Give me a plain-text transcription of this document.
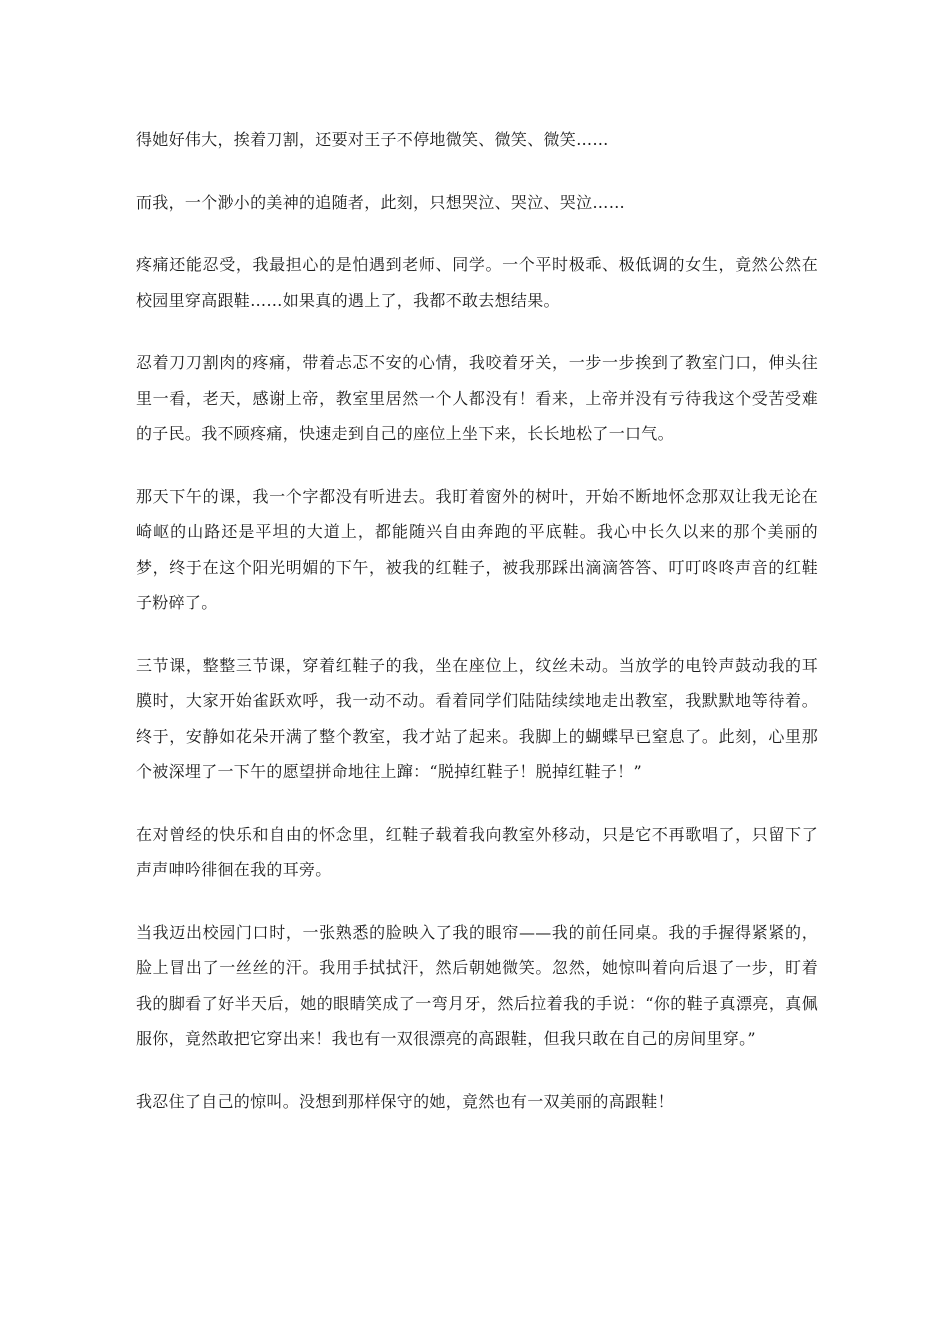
得她好伟大，挨着刀割，还要对王子不停地微笑、微笑、微笑……

而我，一个渺小的美神的追随者，此刻，只想哭泣、哭泣、哭泣……

疼痛还能忍受，我最担心的是怕遇到老师、同学。一个平时极乖、极低调的女生，竟然公然在校园里穿高跟鞋……如果真的遇上了，我都不敢去想结果。

忍着刀刀割肉的疼痛，带着忐忑不安的心情，我咬着牙关，一步一步挨到了教室门口，伸头往里一看，老天，感谢上帝，教室里居然一个人都没有！看来，上帝并没有亏待我这个受苦受难的子民。我不顾疼痛，快速走到自己的座位上坐下来，长长地松了一口气。

那天下午的课，我一个字都没有听进去。我盯着窗外的树叶，开始不断地怀念那双让我无论在崎岖的山路还是平坦的大道上，都能随兴自由奔跑的平底鞋。我心中长久以来的那个美丽的梦，终于在这个阳光明媚的下午，被我的红鞋子，被我那踩出滴滴答答、叮叮咚咚声音的红鞋子粉碎了。

三节课，整整三节课，穿着红鞋子的我，坐在座位上，纹丝未动。当放学的电铃声鼓动我的耳膜时，大家开始雀跃欢呼，我一动不动。看着同学们陆陆续续地走出教室，我默默地等待着。终于，安静如花朵开满了整个教室，我才站了起来。我脚上的蝴蝶早已窒息了。此刻，心里那个被深埋了一下午的愿望拼命地往上蹿：“脱掉红鞋子！脱掉红鞋子！”

在对曾经的快乐和自由的怀念里，红鞋子载着我向教室外移动，只是它不再歌唱了，只留下了声声呻吟徘徊在我的耳旁。

当我迈出校园门口时，一张熟悉的脸映入了我的眼帘——我的前任同桌。我的手握得紧紧的，脸上冒出了一丝丝的汗。我用手拭拭汗，然后朝她微笑。忽然，她惊叫着向后退了一步，盯着我的脚看了好半天后，她的眼睛笑成了一弯月牙，然后拉着我的手说：“你的鞋子真漂亮，真佩服你，竟然敢把它穿出来！我也有一双很漂亮的高跟鞋，但我只敢在自己的房间里穿。”

我忍住了自己的惊叫。没想到那样保守的她，竟然也有一双美丽的高跟鞋！
